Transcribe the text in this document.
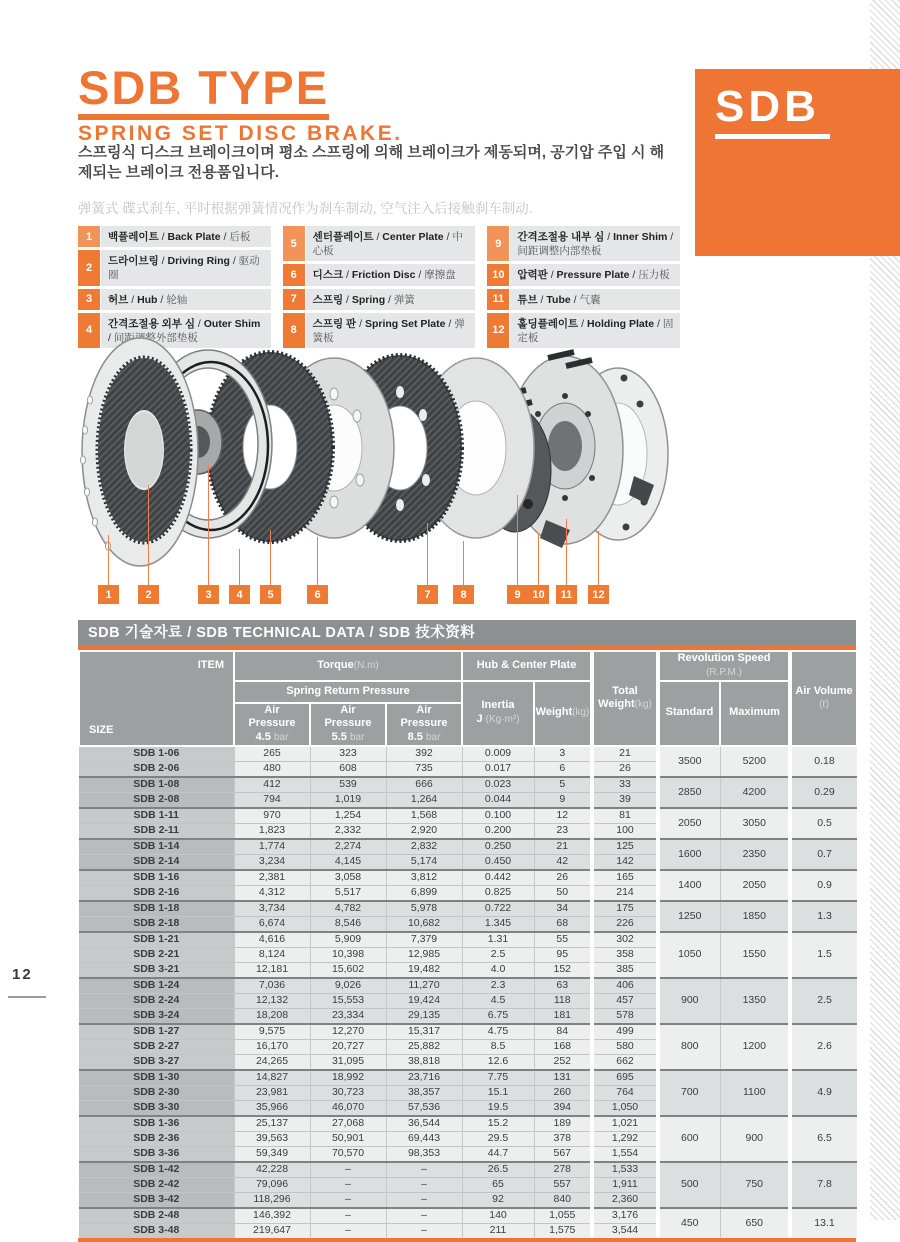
SDB
SDB TYPE
SPRING SET DISC BRAKE.
스프링식 디스크 브레이크이며 평소 스프링에 의해 브레이크가 제동되며, 공기압 주입 시 해제되는 브레이크 전용품입니다.
弹簧式 碟式刹车, 平时根据弹簧情况作为刹车制动, 空气注入后接触刹车制动.
1	백플레이트 / Back Plate / 后板
2
드라이브링 / Driving Ring / 驱动圈
3	허브 / Hub / 轮轴
4
간격조절용 외부 심 / Outer Shim / 间距调整外部垫板
5
센터플레이트 / Center Plate / 中心板
6	디스크 / Friction Disc / 摩擦盘
7	스프링 / Spring / 弹簧
8
스프링 판 / Spring Set Plate / 弹簧板
9
간격조절용 내부 심 / Inner Shim / 间距调整内部垫板
10	압력판 / Pressure Plate / 压力板
11	튜브 / Tube / 气囊
12
홀딩플레이트 / Holding Plate / 固定板
1	2	3	4	5	6	7	8	9	10	11	12
SDB 기술자료 / SDB TECHNICAL DATA / SDB 技术资料
ITEM
SIZE
	Torque(N.m)	Hub & Center Plate	
Total
Weight(kg)
	Revolution Speed (R.P.M.)	
Air Volume
(ℓ)

	Spring Return Pressure			Inertia
J (Kg·m²)	Weight(kg)		Standard	Maximum	

Air
Pressure
4.5 bar

Air
Pressure
5.5 bar

Air
Pressure
8.5 bar

SDB 1-06	265	323	392	0.009	3	21	3500	5200	0.18
SDB 2-06	480	608	735	0.017	6	26			
SDB 1-08	412	539	666	0.023	5	33	2850	4200	0.29
SDB 2-08	794	1,019	1,264	0.044	9	39			
SDB 1-11	970	1,254	1,568	0.100	12	81	2050	3050	0.5
SDB 2-11	1,823	2,332	2,920	0.200	23	100			
SDB 1-14	1,774	2,274	2,832	0.250	21	125	1600	2350	0.7
SDB 2-14	3,234	4,145	5,174	0.450	42	142			
SDB 1-16	2,381	3,058	3,812	0.442	26	165	1400	2050	0.9
SDB 2-16	4,312	5,517	6,899	0.825	50	214			
SDB 1-18	3,734	4,782	5,978	0.722	34	175	1250	1850	1.3
SDB 2-18	6,674	8,546	10,682	1.345	68	226			
SDB 1-21	4,616	5,909	7,379	1.31	55	302	1050	1550	1.5
SDB 2-21	8,124	10,398	12,985	2.5	95	358			
SDB 3-21	12,181	15,602	19,482	4.0	152	385			
SDB 1-24	7,036	9,026	11,270	2.3	63	406	900	1350	2.5
SDB 2-24	12,132	15,553	19,424	4.5	118	457			
SDB 3-24	18,208	23,334	29,135	6.75	181	578			
SDB 1-27	9,575	12,270	15,317	4.75	84	499	800	1200	2.6
SDB 2-27	16,170	20,727	25,882	8.5	168	580			
SDB 3-27	24,265	31,095	38,818	12.6	252	662			
SDB 1-30	14,827	18,992	23,716	7.75	131	695	700	1100	4.9
SDB 2-30	23,981	30,723	38,357	15.1	260	764			
SDB 3-30	35,966	46,070	57,536	19.5	394	1,050			
SDB 1-36	25,137	27,068	36,544	15.2	189	1,021	600	900	6.5
SDB 2-36	39,563	50,901	69,443	29.5	378	1,292			
SDB 3-36	59,349	70,570	98,353	44.7	567	1,554			
SDB 1-42	42,228	–	–	26.5	278	1,533	500	750	7.8
SDB 2-42	79,096	–	–	65	557	1,911			
SDB 3-42	118,296	–	–	92	840	2,360			
SDB 2-48	146,392	–	–	140	1,055	3,176	450	650	13.1
SDB 3-48	219,647	–	–	211	1,575	3,544			
12
